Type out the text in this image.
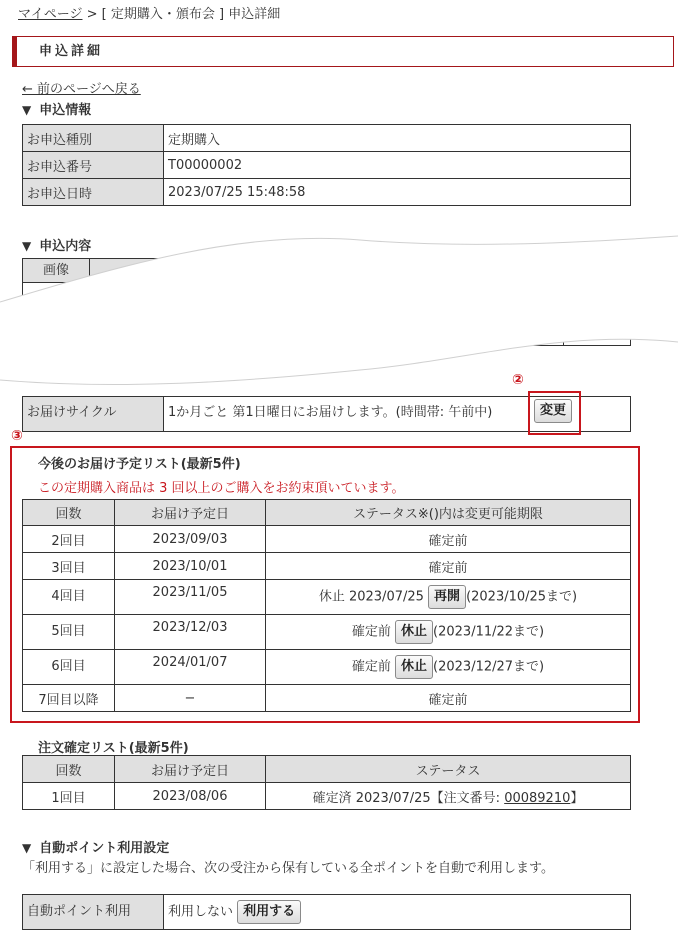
マイページ > [ 定期購入・頒布会 ] 申込詳細
申込詳細
← 前のページへ戻る
▼ 申込情報
お申込種別	定期購入
お申込番号	T00000002
お申込日時	2023/07/25 15:48:58
▼ 申込内容
画像
②
お届けサイクル	1か月ごと 第1日曜日にお届けします。(時間帯: 午前中)	変更
③
今後のお届け予定リスト(最新5件)
この定期購入商品は 3 回以上のご購入をお約束頂いています。
回数	お届け予定日	ステータス※()内は変更可能期限
2回目	2023/09/03	確定前
3回目	2023/10/01	確定前
4回目	2023/11/05	休止 2023/07/25 再開 (2023/10/25まで)
5回目	2023/12/03	確定前 休止 (2023/11/22まで)
6回目	2024/01/07	確定前 休止 (2023/12/27まで)
7回目以降	−	確定前
注文確定リスト(最新5件)
回数	お届け予定日	ステータス
1回目	2023/08/06	確定済 2023/07/25【注文番号: 00089210】
▼ 自動ポイント利用設定
「利用する」に設定した場合、次の受注から保有している全ポイントを自動で利用します。
自動ポイント利用	利用しない 利用する
